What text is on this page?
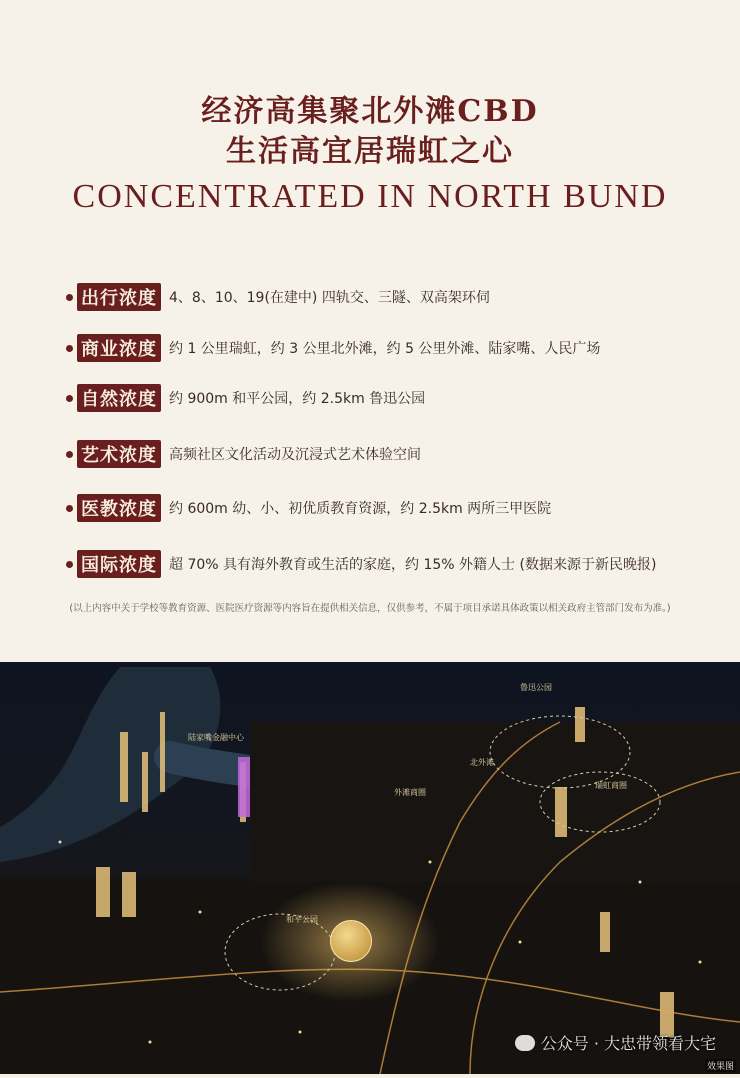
经济高集聚北外滩CBD
生活高宜居瑞虹之心
CONCENTRATED IN NORTH BUND
出行浓度 4、8、10、19(在建中) 四轨交、三隧、双高架环伺
商业浓度 约 1 公里瑞虹，约 3 公里北外滩，约 5 公里外滩、陆家嘴、人民广场
自然浓度 约 900m 和平公园，约 2.5km 鲁迅公园
艺术浓度 高频社区文化活动及沉浸式艺术体验空间
医教浓度 约 600m 幼、小、初优质教育资源，约 2.5km 两所三甲医院
国际浓度 超 70% 具有海外教育或生活的家庭，约 15% 外籍人士 (数据来源于新民晚报)
(以上内容中关于学校等教育资源、医院医疗资源等内容旨在提供相关信息，仅供参考，不属于项目承诺具体政策以相关政府主管部门发布为准。)
陆家嘴金融中心
外滩商圈
北外滩
瑞虹商圈
和平公园
鲁迅公园
公众号 · 大忠带领看大宅
效果图
